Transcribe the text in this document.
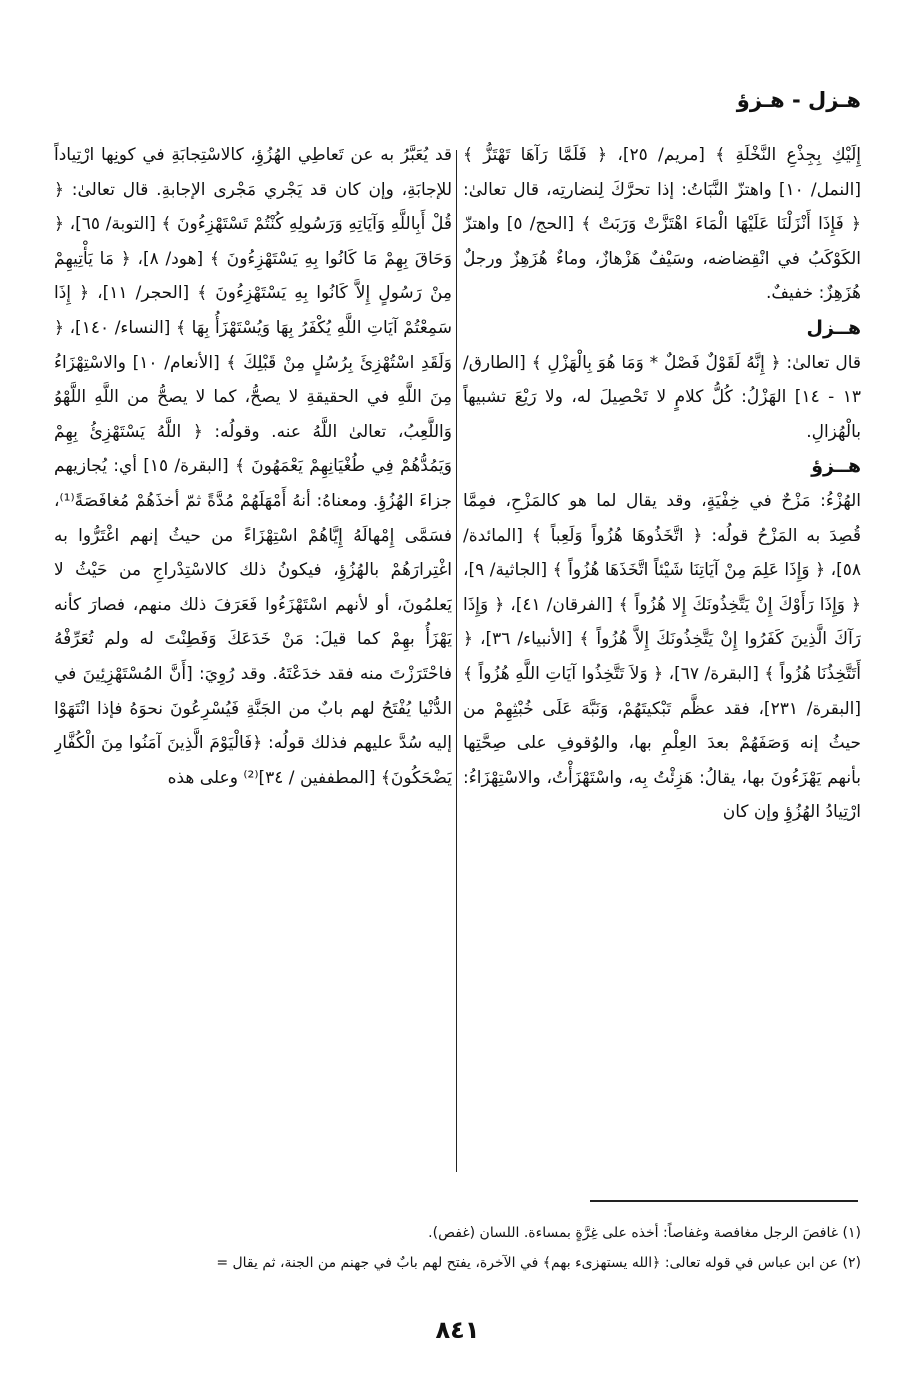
هـزل - هـزؤ

إِلَيْكِ بِجِذْعِ النَّخْلَةِ ﴾ [مريم/ ٢٥]، ﴿ فَلَمَّا رَآهَا تَهْتَزُّ ﴾ [النمل/ ١٠] واهتزّ النَّبَاتُ: إذا تحرَّكَ لِنضارتِه، قال تعالىٰ: ﴿ فَإِذَا أَنْزَلْنَا عَلَيْهَا الْمَاءَ اهْتَزَّتْ وَرَبَتْ ﴾ [الحج/ ٥] واهتزّ الكَوْكَبُ في انْقِضاضه، وسَيْفٌ هَزْهازٌ، وماءٌ هُزَهِزٌ ورجلٌ هُزَهِزٌ: خفيفٌ.

هــزل

قال تعالىٰ: ﴿ إِنَّهُ لَقَوْلٌ فَصْلٌ * وَمَا هُوَ بِالْهَزْلِ ﴾ [الطارق/ ١٣ - ١٤] الهَزْلُ: كُلُّ كلامٍ لا تَحْصِيلَ له، ولا رَيْعَ تشبيهاً بالْهُزالِ.

هــزؤ

الهُزْءُ: مَزْحٌ في خِفْيَةٍ، وقد يقال لما هو كالمَزْحِ، فمِمَّا قُصِدَ به المَزْحُ قولُه: ﴿ اتَّخَذُوهَا هُزُواً وَلَعِباً ﴾ [المائدة/ ٥٨]، ﴿ وَإِذَا عَلِمَ مِنْ آيَاتِنَا شَيْئاً اتَّخَذَهَا هُزُواً ﴾ [الجاثية/ ٩]، ﴿ وَإِذَا رَأَوْكَ إِنْ يَتَّخِذُونَكَ إِلا هُزُواً ﴾ [الفرقان/ ٤١]، ﴿ وَإِذَا رَآكَ الَّذِينَ كَفَرُوا إِنْ يَتَّخِذُونَكَ إِلاَّ هُزُواً ﴾ [الأنبياء/ ٣٦]، ﴿ أَتَتَّخِذُنَا هُزُواً ﴾ [البقرة/ ٦٧]، ﴿ وَلاَ تَتَّخِذُوا آيَاتِ اللَّهِ هُزُواً ﴾ [البقرة/ ٢٣١]، فقد عظَّم تَبْكيتَهُمْ، وَنَبَّهَ عَلَى خُبْثِهِمْ من حيثُ إنه وَصَفَهُمْ بعدَ العِلْمِ بها، والوُقوفِ على صِحَّتِها بأنهم يَهْزَءُونَ بها، يقالُ: هَزِئْتُ بِه، واسْتَهْزَأْتُ، والاسْتِهْزَاءُ: ارْتِيادُ الهُزُؤِ وإن كان

قد يُعَبَّرُ به عن تَعاطِي الهُزُؤِ، كالاسْتِجابَةِ في كونِها ارْتِياداً للإجابَةِ، وإن كان قد يَجْري مَجْرى الإجابةِ. قال تعالىٰ: ﴿ قُلْ أَبِاللَّهِ وَآيَاتِهِ وَرَسُولِهِ كُنْتُمْ تَسْتَهْزِءُونَ ﴾ [التوبة/ ٦٥]، ﴿ وَحَاقَ بِهِمْ مَا كَانُوا بِهِ يَسْتَهْزِءُونَ ﴾ [هود/ ٨]، ﴿ مَا يَأْتِيهِمْ مِنْ رَسُولٍ إِلاَّ كَانُوا بِهِ يَسْتَهْزِءُونَ ﴾ [الحجر/ ١١]، ﴿ إِذَا سَمِعْتُمْ آيَاتِ اللَّهِ يُكْفَرُ بِهَا وَيُسْتَهْزَأُ بِهَا ﴾ [النساء/ ١٤٠]، ﴿ وَلَقَدِ اسْتُهْزِئَ بِرُسُلٍ مِنْ قَبْلِكَ ﴾ [الأنعام/ ١٠] والاسْتِهْزَاءُ مِنَ اللَّهِ في الحقيقةِ لا يصحُّ، كما لا يصحُّ من اللَّهِ اللَّهْوُ وَاللَّعِبُ، تعالىٰ اللَّهُ عنه. وقولُه: ﴿ اللَّهُ يَسْتَهْزِئُ بِهِمْ وَيَمُدُّهُمْ فِي طُغْيَانِهِمْ يَعْمَهُونَ ﴾ [البقرة/ ١٥] أي: يُجازيهم جزاءَ الهُزُؤِ. ومعناهُ: أنهُ أَمْهَلَهُمْ مُدَّةً ثمّ أخذَهُمْ مُغافَصَةً⁽¹⁾، فسَمَّى إِمْهالَهُ إِيَّاهُمْ اسْتِهْزَاءً من حيثُ إنهم اغْتَرُّوا به اغْتِرارَهُمْ بالهُزُؤِ، فيكونُ ذلك كالاسْتِدْراجِ من حَيْثُ لا يَعلمُونَ، أو لأنهم اسْتَهْزَءُوا فَعَرَفَ ذلك منهم، فصارَ كأنه يَهْزَأُ بهِمْ كما قيلَ: مَنْ خَدَعَكَ وَفَطِنْتَ له ولم تُعَرِّفْهُ فاحْتَرَزْتَ منه فقد خدَعْتَهُ. وقد رُوِيَ: [أَنَّ المُسْتَهْزِئِينَ في الدُّنْيا يُفْتَحُ لهم بابٌ من الجَنَّةِ فَيُسْرِعُونَ نحوَهُ فإذا انْتَهَوْا إليه سُدَّ عليهم فذلك قولُه: ﴿فَالْيَوْمَ الَّذِينَ آمَنُوا مِنَ الْكُفَّارِ يَضْحَكُونَ﴾ [المطففين / ٣٤]⁽²⁾ وعلى هذه

(١) غافصَ الرجل مغافصة وغفاصاً: أخذه على غِرَّةٍ بمساءة. اللسان (غفص).

(٢) عن ابن عباس في قوله تعالى: ﴿الله يستهزىء بهم﴾ في الآخرة، يفتح لهم بابٌ في جهنم من الجنة، ثم يقال =

٨٤١
